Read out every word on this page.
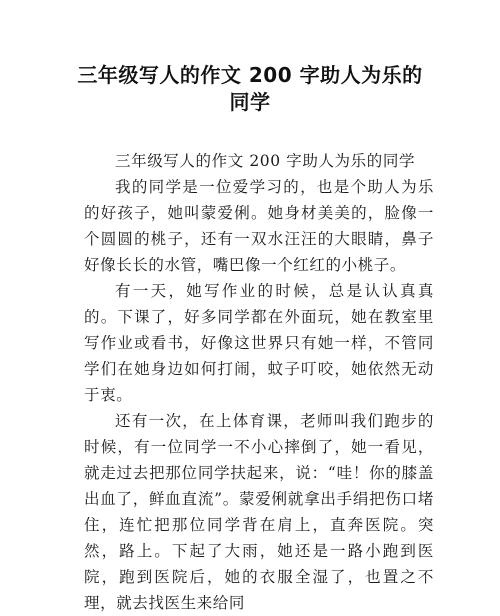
三年级写人的作文 200 字助人为乐的
同学

三年级写人的作文 200 字助人为乐的同学

我的同学是一位爱学习的，也是个助人为乐的好孩子，她叫蒙爱俐。她身材美美的，脸像一个圆圆的桃子，还有一双水汪汪的大眼睛，鼻子好像长长的水管，嘴巴像一个红红的小桃子。

有一天，她写作业的时候，总是认认真真的。下课了，好多同学都在外面玩，她在教室里写作业或看书，好像这世界只有她一样，不管同学们在她身边如何打闹，蚊子叮咬，她依然无动于衷。

还有一次，在上体育课，老师叫我们跑步的时候，有一位同学一不小心摔倒了，她一看见，就走过去把那位同学扶起来，说：“哇！你的膝盖出血了，鲜血直流”。蒙爱俐就拿出手绢把伤口堵住，连忙把那位同学背在肩上，直奔医院。突然，路上。下起了大雨，她还是一路小跑到医院，跑到医院后，她的衣服全湿了，也置之不理，就去找医生来给同
